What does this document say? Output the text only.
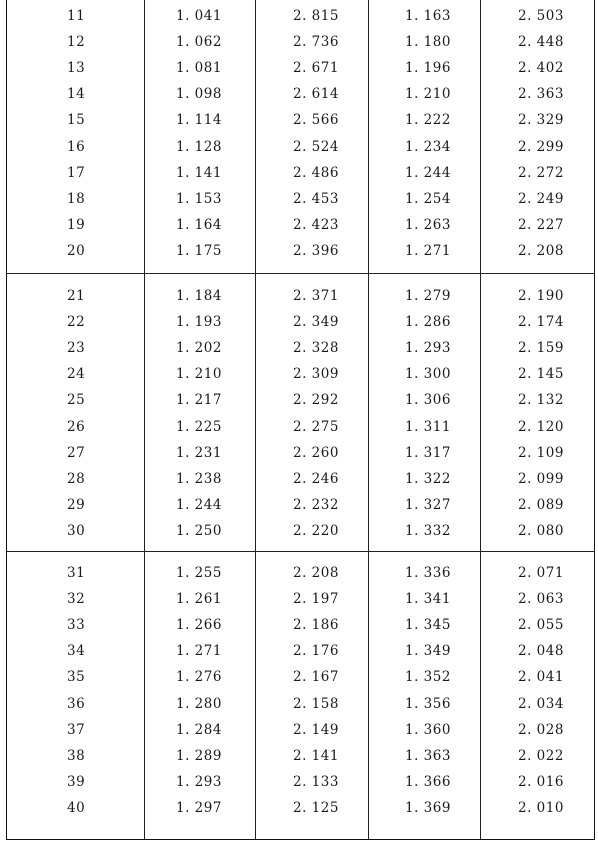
11	1. 041	2. 815	1. 163	2. 503
12	1. 062	2. 736	1. 180	2. 448
13	1. 081	2. 671	1. 196	2. 402
14	1. 098	2. 614	1. 210	2. 363
15	1. 114	2. 566	1. 222	2. 329
16	1. 128	2. 524	1. 234	2. 299
17	1. 141	2. 486	1. 244	2. 272
18	1. 153	2. 453	1. 254	2. 249
19	1. 164	2. 423	1. 263	2. 227
20	1. 175	2. 396	1. 271	2. 208
21	1. 184	2. 371	1. 279	2. 190
22	1. 193	2. 349	1. 286	2. 174
23	1. 202	2. 328	1. 293	2. 159
24	1. 210	2. 309	1. 300	2. 145
25	1. 217	2. 292	1. 306	2. 132
26	1. 225	2. 275	1. 311	2. 120
27	1. 231	2. 260	1. 317	2. 109
28	1. 238	2. 246	1. 322	2. 099
29	1. 244	2. 232	1. 327	2. 089
30	1. 250	2. 220	1. 332	2. 080
31	1. 255	2. 208	1. 336	2. 071
32	1. 261	2. 197	1. 341	2. 063
33	1. 266	2. 186	1. 345	2. 055
34	1. 271	2. 176	1. 349	2. 048
35	1. 276	2. 167	1. 352	2. 041
36	1. 280	2. 158	1. 356	2. 034
37	1. 284	2. 149	1. 360	2. 028
38	1. 289	2. 141	1. 363	2. 022
39	1. 293	2. 133	1. 366	2. 016
40	1. 297	2. 125	1. 369	2. 010
